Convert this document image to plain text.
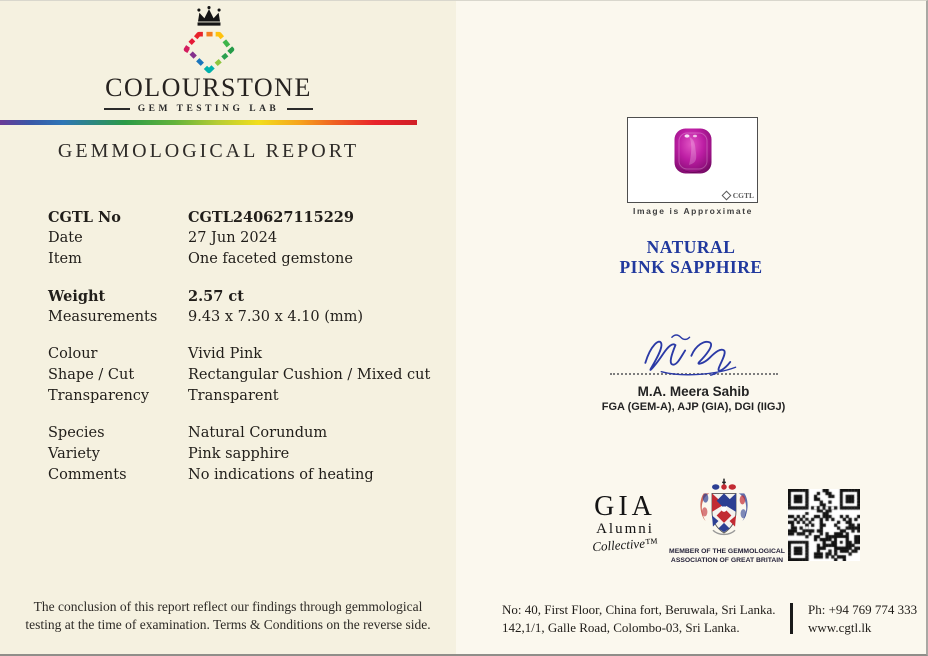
COLOURSTONE
GEM TESTING LAB
GEMMOLOGICAL REPORT
CGTL No	CGTL240627115229
Date	27 Jun 2024
Item	One faceted gemstone
Weight	2.57 ct
Measurements	9.43 x 7.30 x 4.10 (mm)
Colour	Vivid Pink
Shape / Cut	Rectangular Cushion / Mixed cut
Transparency	Transparent
Species	Natural Corundum
Variety	Pink sapphire
Comments	No indications of heating
The conclusion of this report reflect our findings through gemmological
testing at the time of examination. Terms & Conditions on the reverse side.
CGTL
Image is Approximate
NATURAL
PINK SAPPHIRE
M.A. Meera Sahib
FGA (GEM-A), AJP (GIA), DGI (IIGJ)
GIA
Alumni
Collective™	MEMBER OF THE GEMMOLOGICAL
ASSOCIATION OF GREAT BRITAIN
No: 40, First Floor, China fort, Beruwala, Sri Lanka.
142,1/1, Galle Road, Colombo-03, Sri Lanka.
Ph: +94 769 774 333
www.cgtl.lk
